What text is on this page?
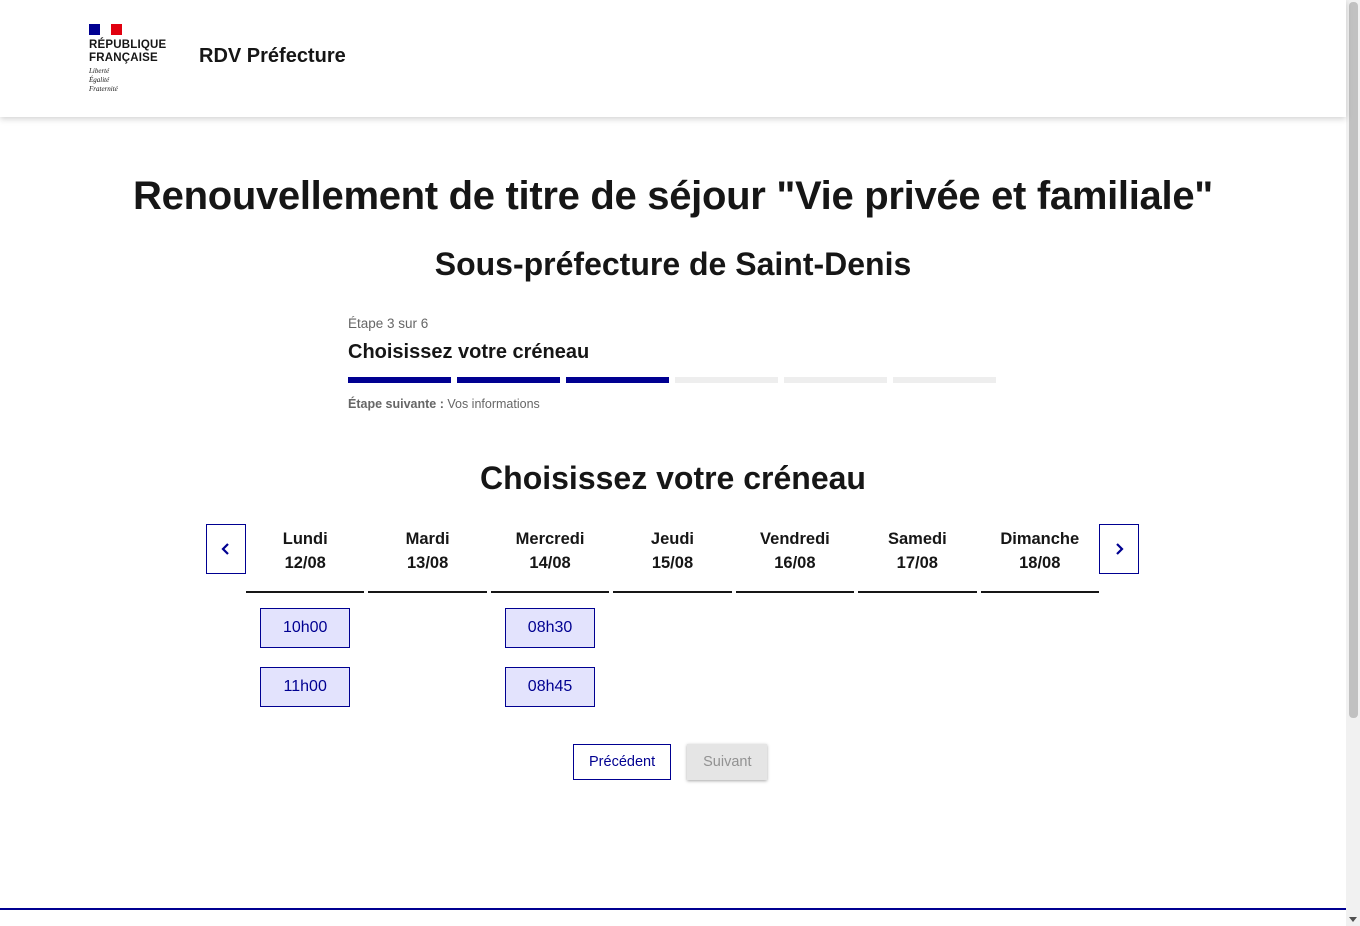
RÉPUBLIQUE
FRANÇAISE
Liberté
Égalité
Fraternité
RDV Préfecture
Renouvellement de titre de séjour "Vie privée et familiale"
Sous-préfecture de Saint-Denis
Étape 3 sur 6
Choisissez votre créneau
Étape suivante : Vos informations
Choisissez votre créneau
Lundi
12/08
10h00
11h00
Mardi
13/08
Mercredi
14/08
08h30
08h45
Jeudi
15/08
Vendredi
16/08
Samedi
17/08
Dimanche
18/08
Précédent	Suivant
